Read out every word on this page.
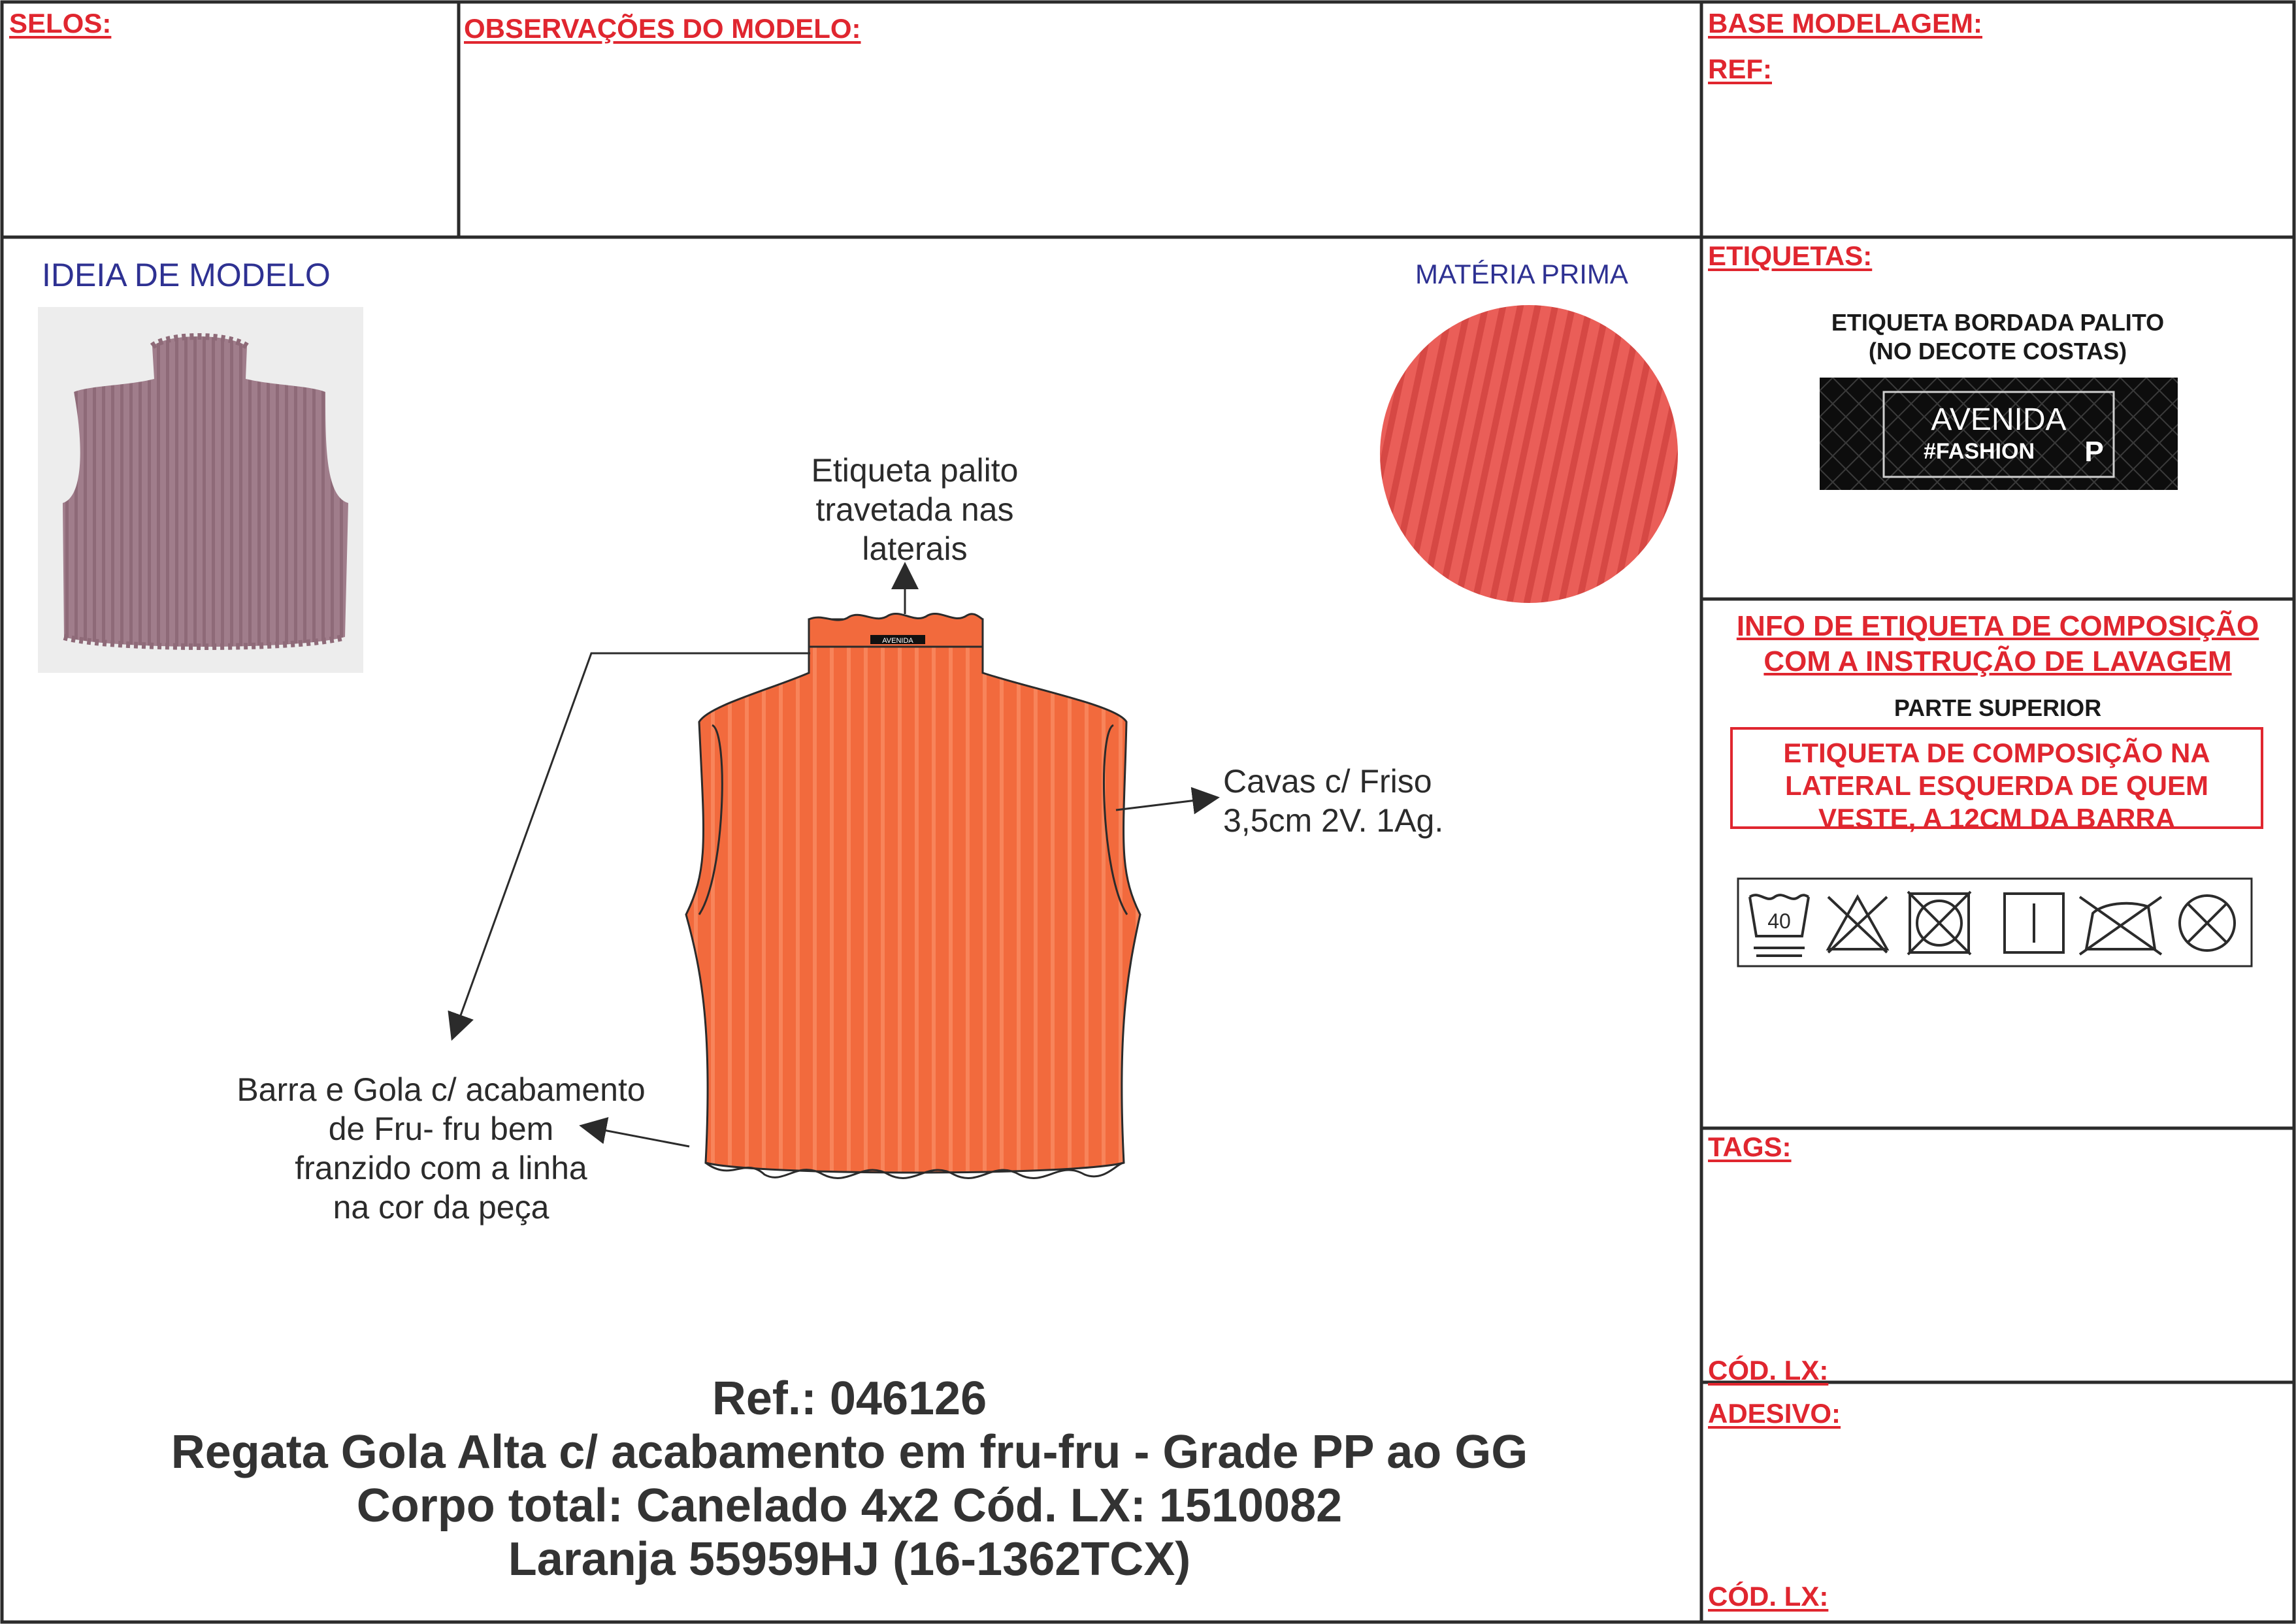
SELOS:	OBSERVAÇÕES DO MODELO:	BASE MODELAGEM:
REF:
IDEIA DE MODELO	MATÉRIA PRIMA
AVENIDA
Etiqueta palito
travetada nas
laterais
Cavas c/ Friso
3,5cm 2V. 1Ag.
Barra e Gola c/ acabamento
de Fru- fru bem
franzido com a linha
na cor da peça
Ref.: 046126
Regata Gola Alta c/ acabamento em fru-fru - Grade PP ao GG
Corpo total: Canelado 4x2 Cód. LX: 1510082
Laranja 55959HJ (16-1362TCX)
ETIQUETAS:
ETIQUETA BORDADA PALITO
(NO DECOTE COSTAS)
AVENIDA
#FASHION P
INFO DE ETIQUETA DE COMPOSIÇÃO
COM A INSTRUÇÃO DE LAVAGEM
PARTE SUPERIOR
ETIQUETA DE COMPOSIÇÃO NA
LATERAL ESQUERDA DE QUEM
VESTE, A 12CM DA BARRA
40
TAGS:
CÓD. LX:
ADESIVO:
CÓD. LX:
